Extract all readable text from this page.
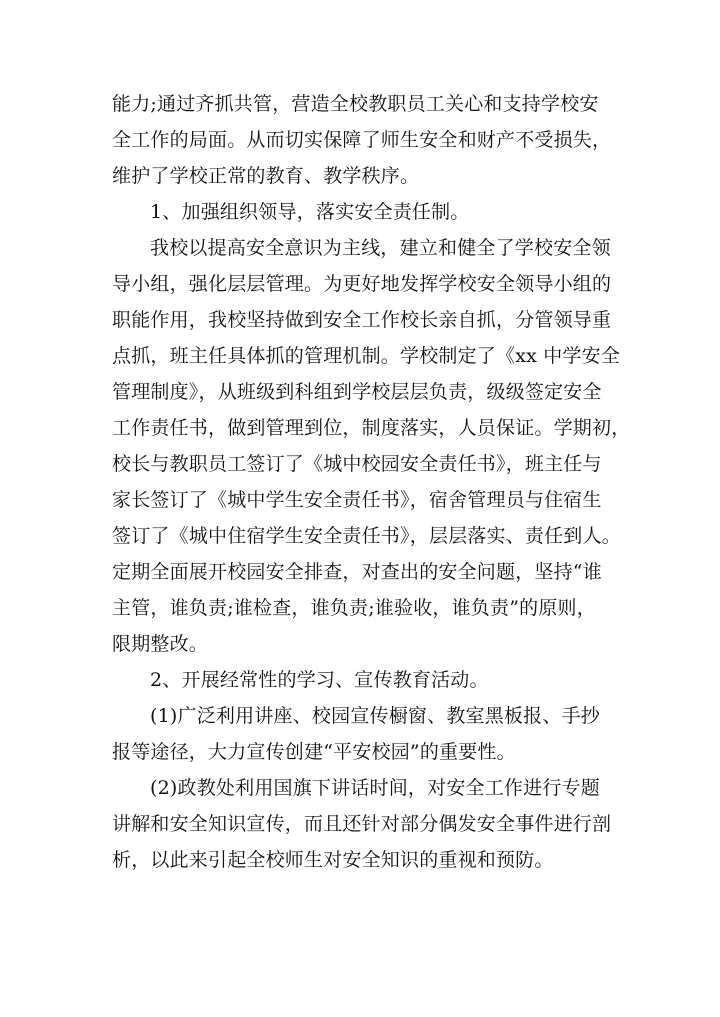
能力;通过齐抓共管，营造全校教职员工关心和支持学校安
全工作的局面。从而切实保障了师生安全和财产不受损失，
维护了学校正常的教育、教学秩序。
1、加强组织领导，落实安全责任制。
我校以提高安全意识为主线，建立和健全了学校安全领
导小组，强化层层管理。为更好地发挥学校安全领导小组的
职能作用，我校坚持做到安全工作校长亲自抓，分管领导重
点抓，班主任具体抓的管理机制。学校制定了《xx 中学安全
管理制度》，从班级到科组到学校层层负责，级级签定安全
工作责任书，做到管理到位，制度落实，人员保证。学期初，
校长与教职员工签订了《城中校园安全责任书》，班主任与
家长签订了《城中学生安全责任书》，宿舍管理员与住宿生
签订了《城中住宿学生安全责任书》，层层落实、责任到人。
定期全面展开校园安全排查，对查出的安全问题，坚持“谁
主管，谁负责;谁检查，谁负责;谁验收，谁负责”的原则，
限期整改。
2、开展经常性的学习、宣传教育活动。
(1)广泛利用讲座、校园宣传橱窗、教室黑板报、手抄
报等途径，大力宣传创建“平安校园”的重要性。
(2)政教处利用国旗下讲话时间，对安全工作进行专题
讲解和安全知识宣传，而且还针对部分偶发安全事件进行剖
析，以此来引起全校师生对安全知识的重视和预防。
